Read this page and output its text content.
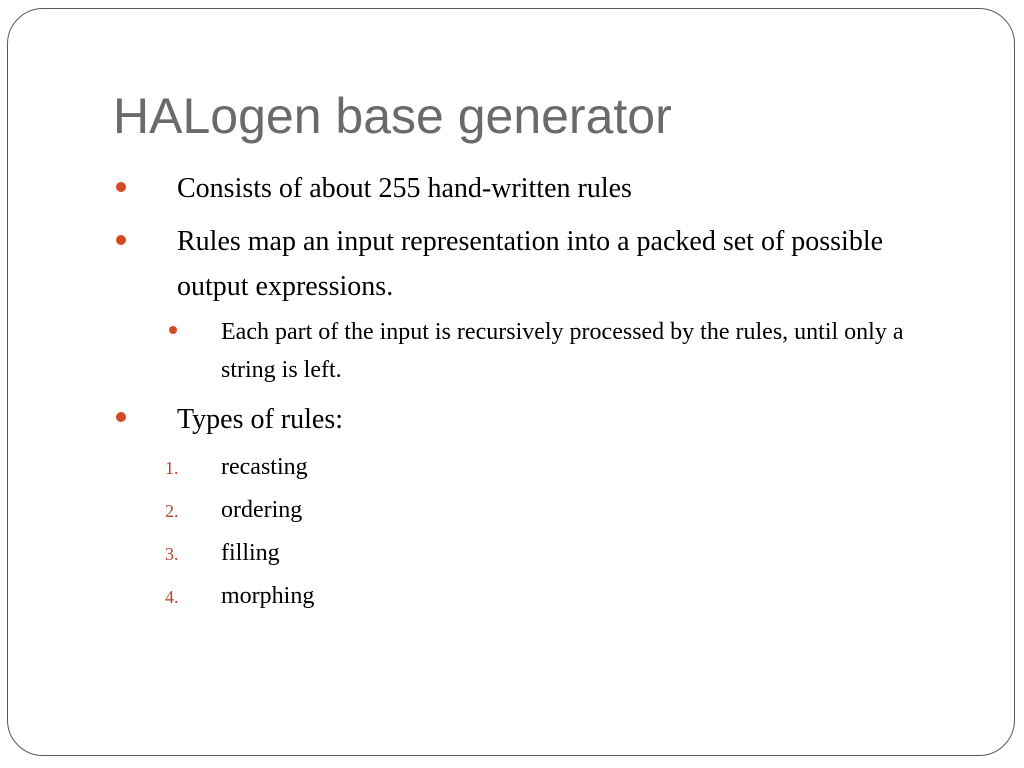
HALogen base generator

Consists of about 255 hand-written rules

Rules map an input representation into a packed set of possible output expressions.

Each part of the input is recursively processed by the rules, until only a string is left.

Types of rules:

1. recasting

2. ordering

3. filling

4. morphing
